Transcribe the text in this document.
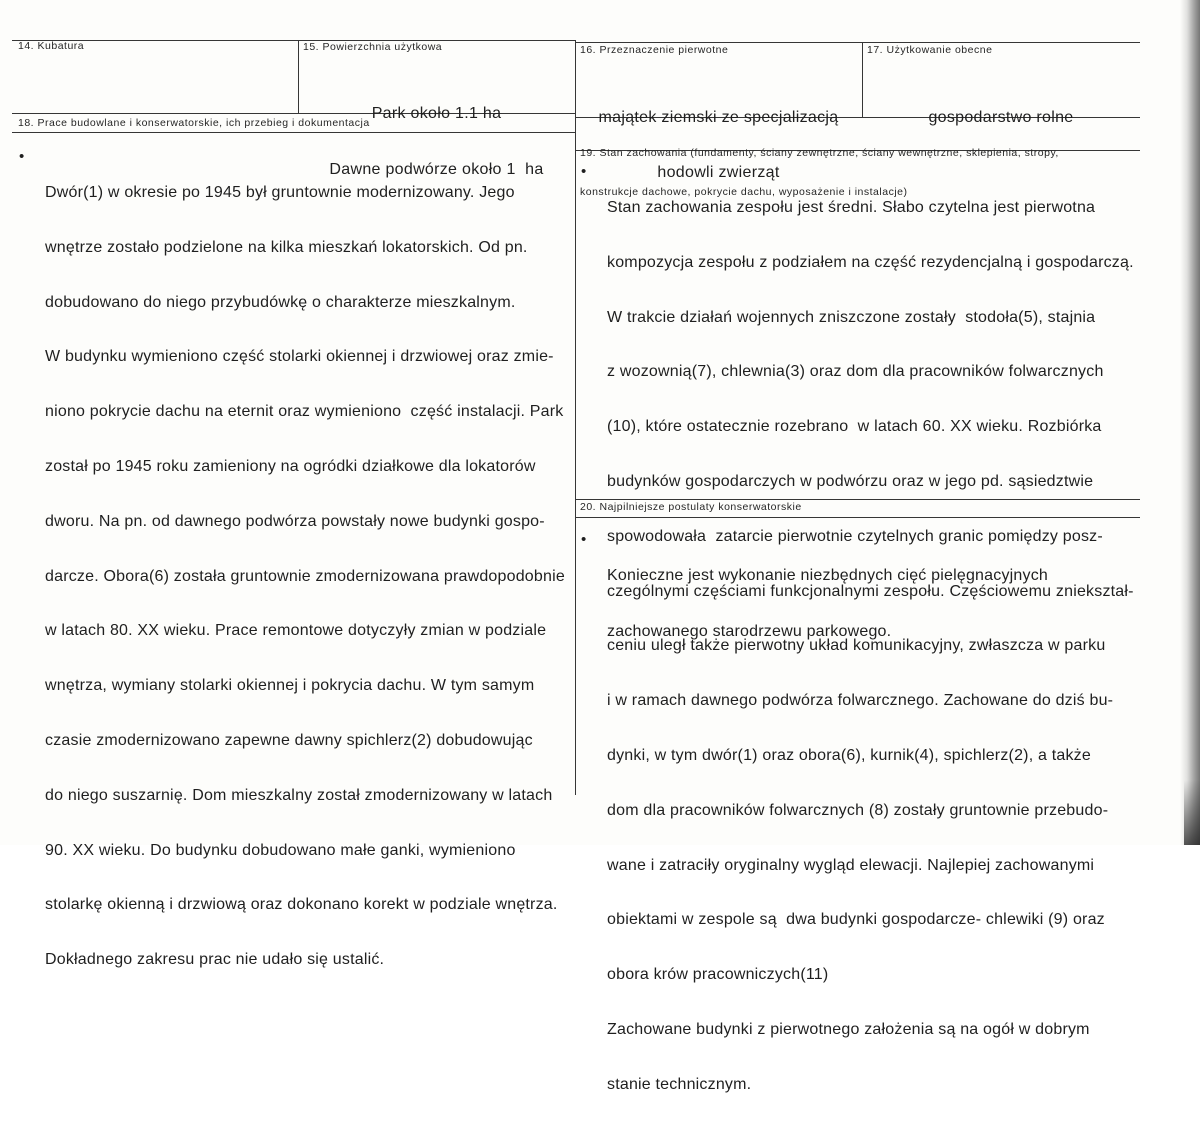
14. Kubatura	15. Powierzchnia użytkowa

Park około 1.1 ha

Dawne podwórze około 1  ha

16. Przeznaczenie pierwotne

majątek ziemski ze specjalizacją

hodowli zwierząt

17. Użytkowanie obecne

gospodarstwo rolne

18. Prace budowlane i konserwatorskie, ich przebieg i dokumentacja
•

Dwór(1) w okresie po 1945 był gruntownie modernizowany. Jego

wnętrze zostało podzielone na kilka mieszkań lokatorskich. Od pn.

dobudowano do niego przybudówkę o charakterze mieszkalnym.

W budynku wymieniono część stolarki okiennej i drzwiowej oraz zmie-

niono pokrycie dachu na eternit oraz wymieniono  część instalacji. Park

został po 1945 roku zamieniony na ogródki działkowe dla lokatorów

dworu. Na pn. od dawnego podwórza powstały nowe budynki gospo-

darcze. Obora(6) została gruntownie zmodernizowana prawdopodobnie

w latach 80. XX wieku. Prace remontowe dotyczyły zmian w podziale

wnętrza, wymiany stolarki okiennej i pokrycia dachu. W tym samym

czasie zmodernizowano zapewne dawny spichlerz(2) dobudowując

do niego suszarnię. Dom mieszkalny został zmodernizowany w latach

90. XX wieku. Do budynku dobudowano małe ganki, wymieniono

stolarkę okienną i drzwiową oraz dokonano korekt w podziale wnętrza.

Dokładnego zakresu prac nie udało się ustalić.

19. Stan zachowania (fundamenty, ściany zewnętrzne, ściany wewnętrzne, sklepienia, stropy,

konstrukcje dachowe, pokrycie dachu, wyposażenie i instalacje)

•

Stan zachowania zespołu jest średni. Słabo czytelna jest pierwotna

kompozycja zespołu z podziałem na część rezydencjalną i gospodarczą.

W trakcie działań wojennych zniszczone zostały  stodoła(5), stajnia

z wozownią(7), chlewnia(3) oraz dom dla pracowników folwarcznych

(10), które ostatecznie rozebrano  w latach 60. XX wieku. Rozbiórka

budynków gospodarczych w podwórzu oraz w jego pd. sąsiedztwie

spowodowała  zatarcie pierwotnie czytelnych granic pomiędzy posz-

czególnymi częściami funkcjonalnymi zespołu. Częściowemu zniekształ-

ceniu uległ także pierwotny układ komunikacyjny, zwłaszcza w parku

i w ramach dawnego podwórza folwarcznego. Zachowane do dziś bu-

dynki, w tym dwór(1) oraz obora(6), kurnik(4), spichlerz(2), a także

dom dla pracowników folwarcznych (8) zostały gruntownie przebudo-

wane i zatraciły oryginalny wygląd elewacji. Najlepiej zachowanymi

obiektami w zespole są  dwa budynki gospodarcze- chlewiki (9) oraz

obora krów pracowniczych(11)

Zachowane budynki z pierwotnego założenia są na ogół w dobrym

stanie technicznym.

20. Najpilniejsze postulaty konserwatorskie
•

Konieczne jest wykonanie niezbędnych cięć pielęgnacyjnych

zachowanego starodrzewu parkowego.
